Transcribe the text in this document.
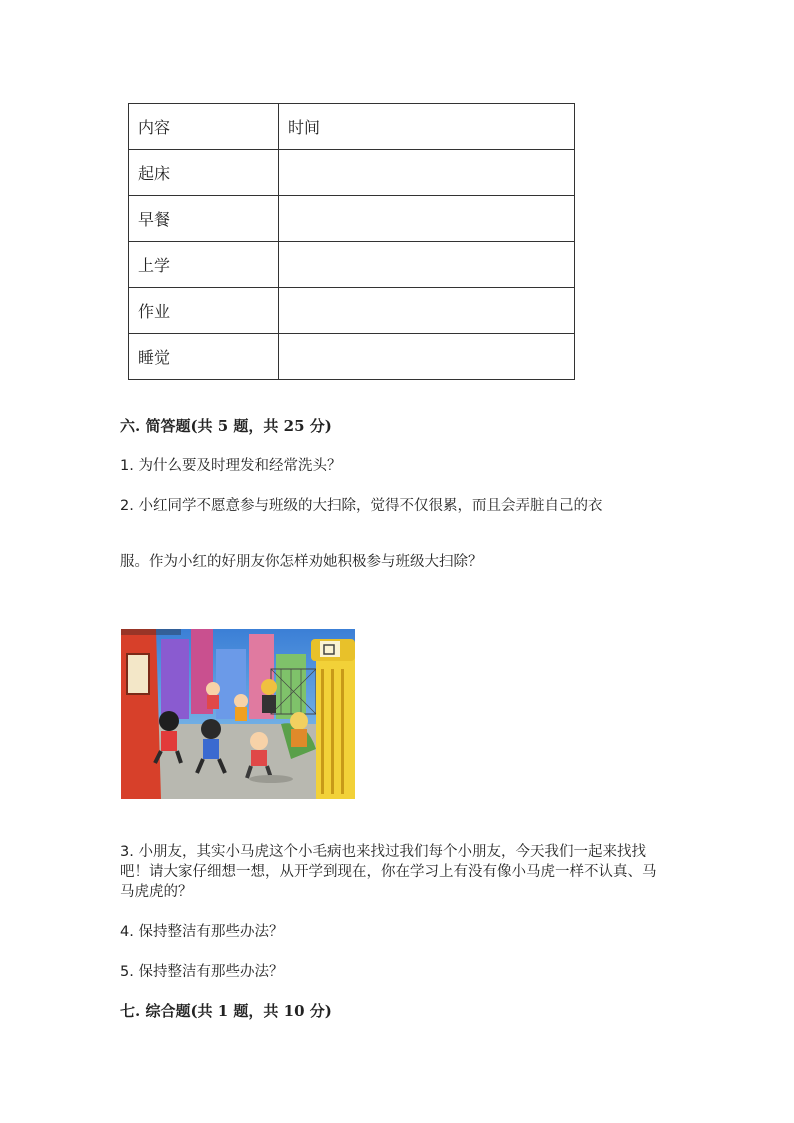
内容	时间
起床	
早餐	
上学	
作业	
睡觉	
六. 简答题(共 5 题，共 25 分)
1. 为什么要及时理发和经常洗头？
2. 小红同学不愿意参与班级的大扫除，觉得不仅很累，而且会弄脏自己的衣
服。作为小红的好朋友你怎样劝她积极参与班级大扫除？
3. 小朋友，其实小马虎这个小毛病也来找过我们每个小朋友，今天我们一起来找找吧！请大家仔细想一想，从开学到现在，你在学习上有没有像小马虎一样不认真、马马虎虎的？
4. 保持整洁有那些办法？
5. 保持整洁有那些办法？
七. 综合题(共 1 题，共 10 分)
